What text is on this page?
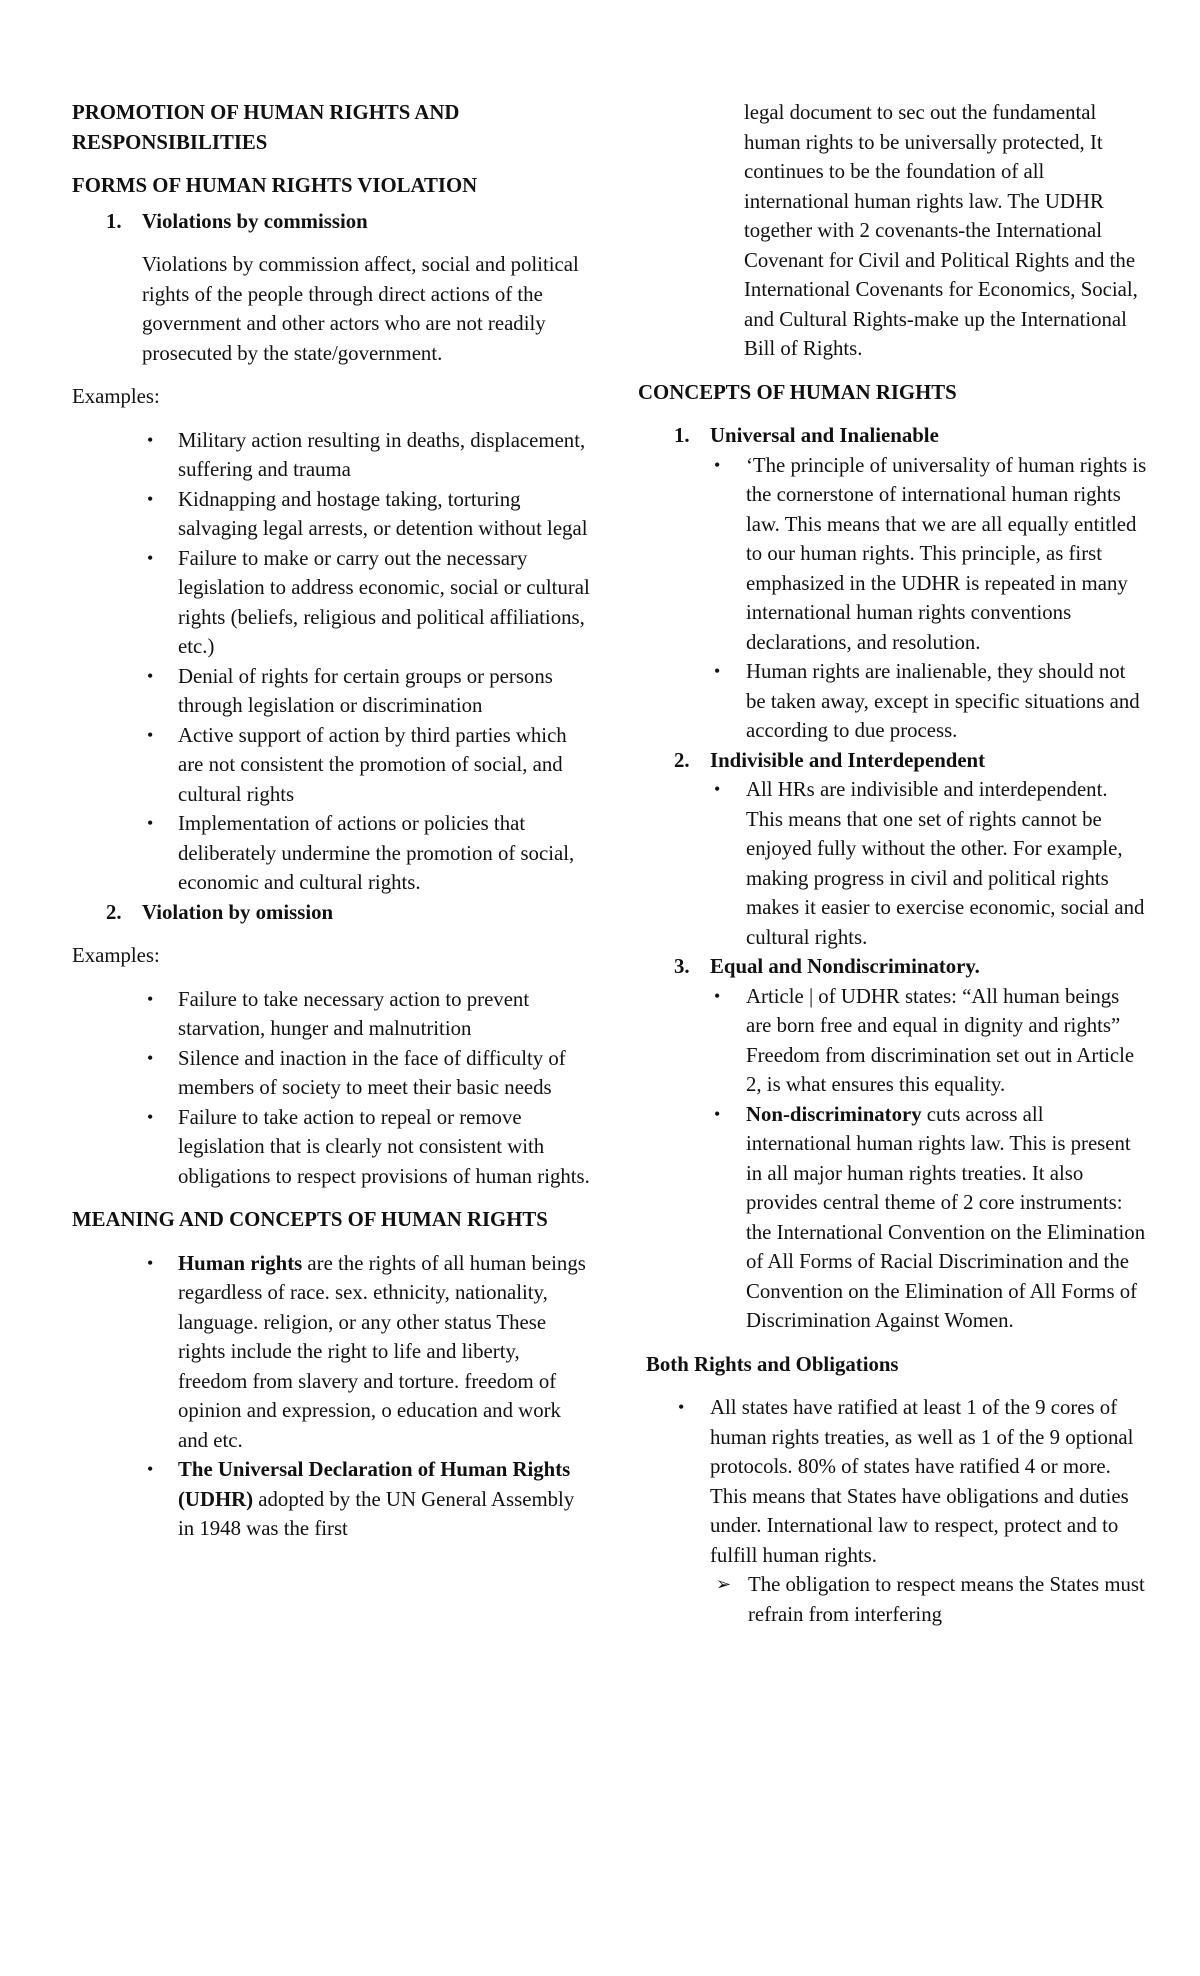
PROMOTION OF HUMAN RIGHTS AND RESPONSIBILITIES
FORMS OF HUMAN RIGHTS VIOLATION
1. Violations by commission

Violations by commission affect, social and political rights of the people through direct actions of the government and other actors who are not readily prosecuted by the state/government.

Examples:

• Military action resulting in deaths, displacement, suffering and trauma
• Kidnapping and hostage taking, torturing salvaging legal arrests, or detention without legal
• Failure to make or carry out the necessary legislation to address economic, social or cultural rights (beliefs, religious and political affiliations, etc.)
• Denial of rights for certain groups or persons through legislation or discrimination
• Active support of action by third parties which are not consistent the promotion of social, and cultural rights
• Implementation of actions or policies that deliberately undermine the promotion of social, economic and cultural rights.
2. Violation by omission

Examples:

• Failure to take necessary action to prevent starvation, hunger and malnutrition
• Silence and inaction in the face of difficulty of members of society to meet their basic needs
• Failure to take action to repeal or remove legislation that is clearly not consistent with obligations to respect provisions of human rights.
MEANING AND CONCEPTS OF HUMAN RIGHTS
• Human rights are the rights of all human beings regardless of race. sex. ethnicity, nationality, language. religion, or any other status These rights include the right to life and liberty, freedom from slavery and torture. freedom of opinion and expression, o education and work and etc.
• The Universal Declaration of Human Rights (UDHR) adopted by the UN General Assembly in 1948 was the first

legal document to sec out the fundamental human rights to be universally protected, It continues to be the foundation of all international human rights law. The UDHR together with 2 covenants-the International Covenant for Civil and Political Rights and the International Covenants for Economics, Social, and Cultural Rights-make up the International Bill of Rights.

CONCEPTS OF HUMAN RIGHTS
1. Universal and Inalienable
• ‘The principle of universality of human rights is the cornerstone of international human rights law. This means that we are all equally entitled to our human rights. This principle, as first emphasized in the UDHR is repeated in many international human rights conventions declarations, and resolution.
• Human rights are inalienable, they should not be taken away, except in specific situations and according to due process.
2. Indivisible and Interdependent
• All HRs are indivisible and interdependent. This means that one set of rights cannot be enjoyed fully without the other. For example, making progress in civil and political rights makes it easier to exercise economic, social and cultural rights.
3. Equal and Nondiscriminatory.
• Article | of UDHR states: “All human beings are born free and equal in dignity and rights” Freedom from discrimination set out in Article 2, is what ensures this equality.
• Non-discriminatory cuts across all international human rights law. This is present in all major human rights treaties. It also provides central theme of 2 core instruments: the International Convention on the Elimination of All Forms of Racial Discrimination and the Convention on the Elimination of All Forms of Discrimination Against Women.
Both Rights and Obligations
• All states have ratified at least 1 of the 9 cores of human rights treaties, as well as 1 of the 9 optional protocols. 80% of states have ratified 4 or more. This means that States have obligations and duties under. International law to respect, protect and to fulfill human rights.
➢ The obligation to respect means the States must refrain from interfering
